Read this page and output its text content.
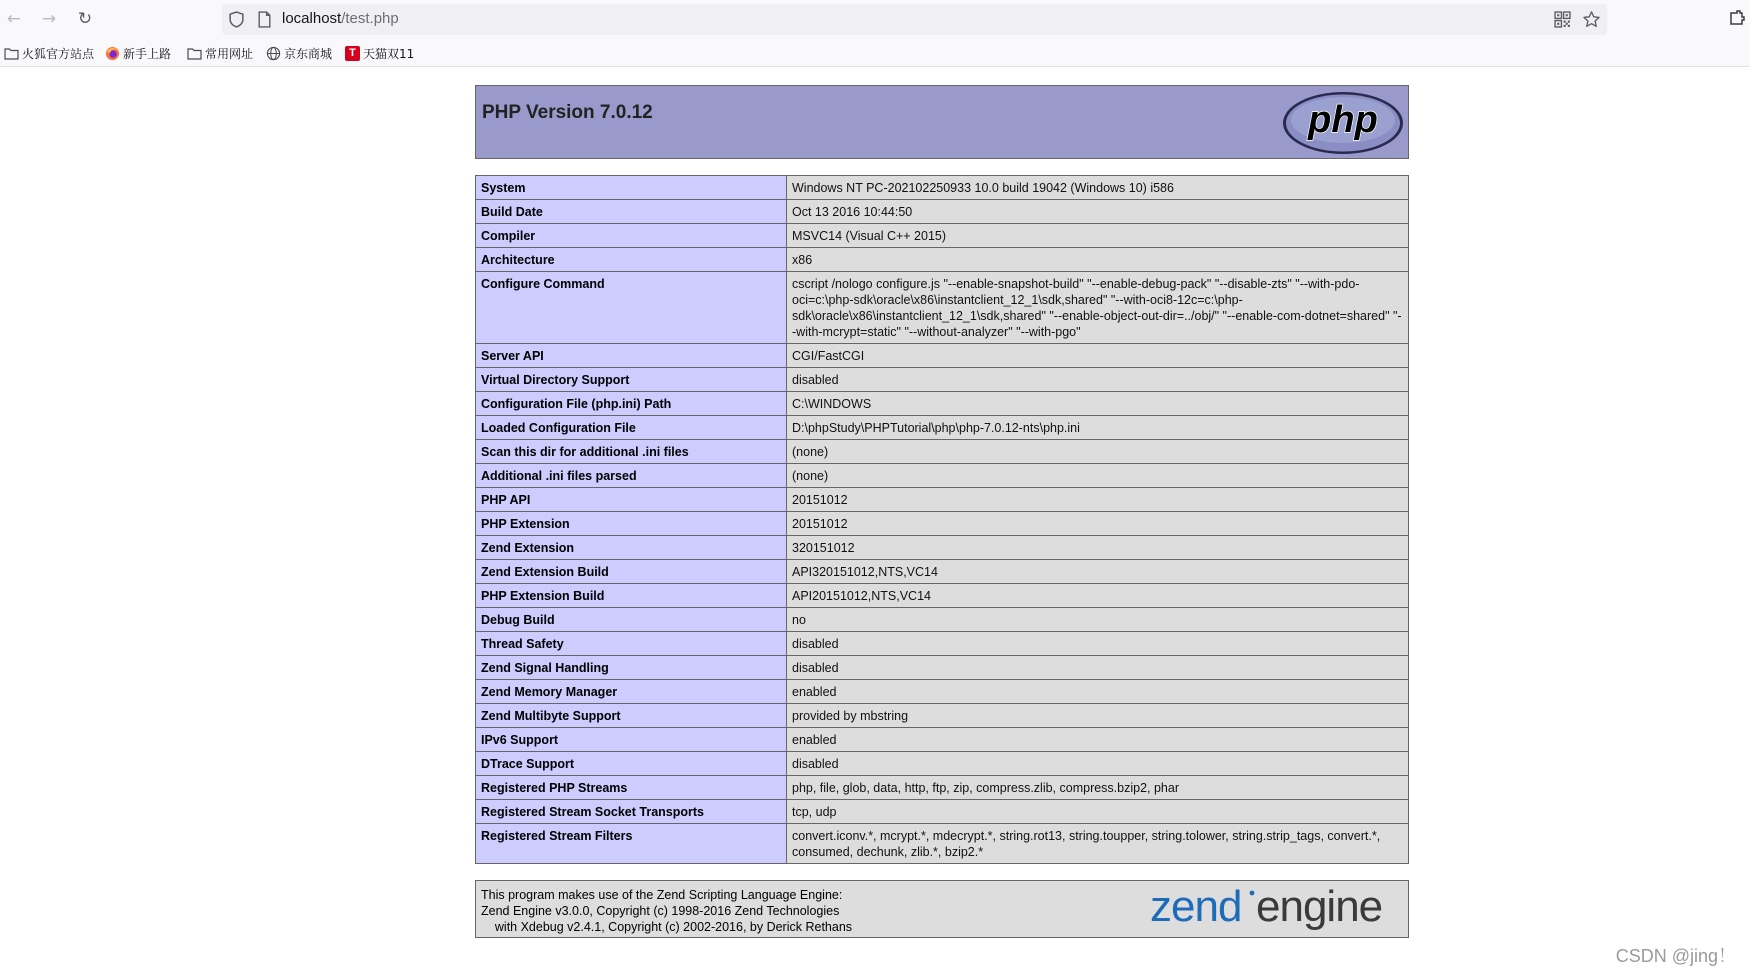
← → ↻	localhost/test.php
火狐官方站点 新手上路	常用网址	京东商城	T 天猫双11
PHP Version 7.0.12	php
System	Windows NT PC-202102250933 10.0 build 19042 (Windows 10) i586
Build Date	Oct 13 2016 10:44:50
Compiler	MSVC14 (Visual C++ 2015)
Architecture	x86
Configure Command	cscript /nologo configure.js "--enable-snapshot-build" "--enable-debug-pack" "--disable-zts" "--with-pdo-oci=c:\php-sdk\oracle\x86\instantclient_12_1\sdk,shared" "--with-oci8-12c=c:\php-sdk\oracle\x86\instantclient_12_1\sdk,shared" "--enable-object-out-dir=../obj/" "--enable-com-dotnet=shared" "--with-mcrypt=static" "--without-analyzer" "--with-pgo"
Server API	CGI/FastCGI
Virtual Directory Support	disabled
Configuration File (php.ini) Path	C:\WINDOWS
Loaded Configuration File	D:\phpStudy\PHPTutorial\php\php-7.0.12-nts\php.ini
Scan this dir for additional .ini files	(none)
Additional .ini files parsed	(none)
PHP API	20151012
PHP Extension	20151012
Zend Extension	320151012
Zend Extension Build	API320151012,NTS,VC14
PHP Extension Build	API20151012,NTS,VC14
Debug Build	no
Thread Safety	disabled
Zend Signal Handling	disabled
Zend Memory Manager	enabled
Zend Multibyte Support	provided by mbstring
IPv6 Support	enabled
DTrace Support	disabled
Registered PHP Streams	php, file, glob, data, http, ftp, zip, compress.zlib, compress.bzip2, phar
Registered Stream Socket Transports	tcp, udp
Registered Stream Filters	convert.iconv.*, mcrypt.*, mdecrypt.*, string.rot13, string.toupper, string.tolower, string.strip_tags, convert.*, consumed, dechunk, zlib.*, bzip2.*
This program makes use of the Zend Scripting Language Engine:
Zend Engine v3.0.0, Copyright (c) 1998-2016 Zend Technologies
with Xdebug v2.4.1, Copyright (c) 2002-2016, by Derick Rethans	zend engine
CSDN @jing！
